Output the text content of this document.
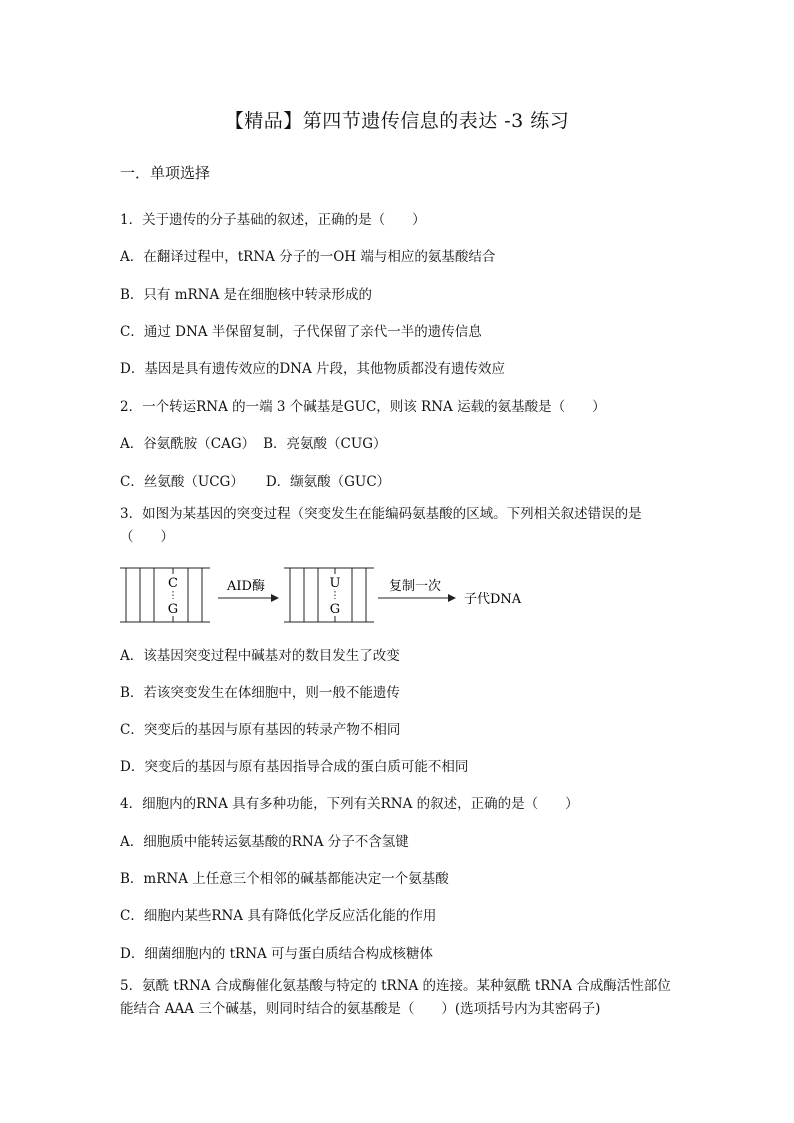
【精品】第四节遗传信息的表达 -3 练习
一．单项选择
1．关于遗传的分子基础的叙述，正确的是（　　）
A．在翻译过程中，tRNA 分子的一OH 端与相应的氨基酸结合
B．只有 mRNA 是在细胞核中转录形成的
C．通过 DNA 半保留复制，子代保留了亲代一半的遗传信息
D．基因是具有遗传效应的DNA 片段，其他物质都没有遗传效应
2．一个转运RNA 的一端 3 个碱基是GUC，则该 RNA 运载的氨基酸是（　　）
A．谷氨酰胺（CAG） B．亮氨酸（CUG）
C．丝氨酸（UCG） D．缬氨酸（GUC）
3．如图为某基因的突变过程（突变发生在能编码氨基酸的区域。下列相关叙述错误的是（　　）
C
G
AID酶	U
G
复制一次
子代DNA
A．该基因突变过程中碱基对的数目发生了改变
B．若该突变发生在体细胞中，则一般不能遗传
C．突变后的基因与原有基因的转录产物不相同
D．突变后的基因与原有基因指导合成的蛋白质可能不相同
4．细胞内的RNA 具有多种功能，下列有关RNA 的叙述，正确的是（　　）
A．细胞质中能转运氨基酸的RNA 分子不含氢键
B．mRNA 上任意三个相邻的碱基都能决定一个氨基酸
C．细胞内某些RNA 具有降低化学反应活化能的作用
D．细菌细胞内的 tRNA 可与蛋白质结合构成核糖体
5．氨酰 tRNA 合成酶催化氨基酸与特定的 tRNA 的连接。某种氨酰 tRNA 合成酶活性部位能结合 AAA 三个碱基，则同时结合的氨基酸是（　　）(选项括号内为其密码子)
